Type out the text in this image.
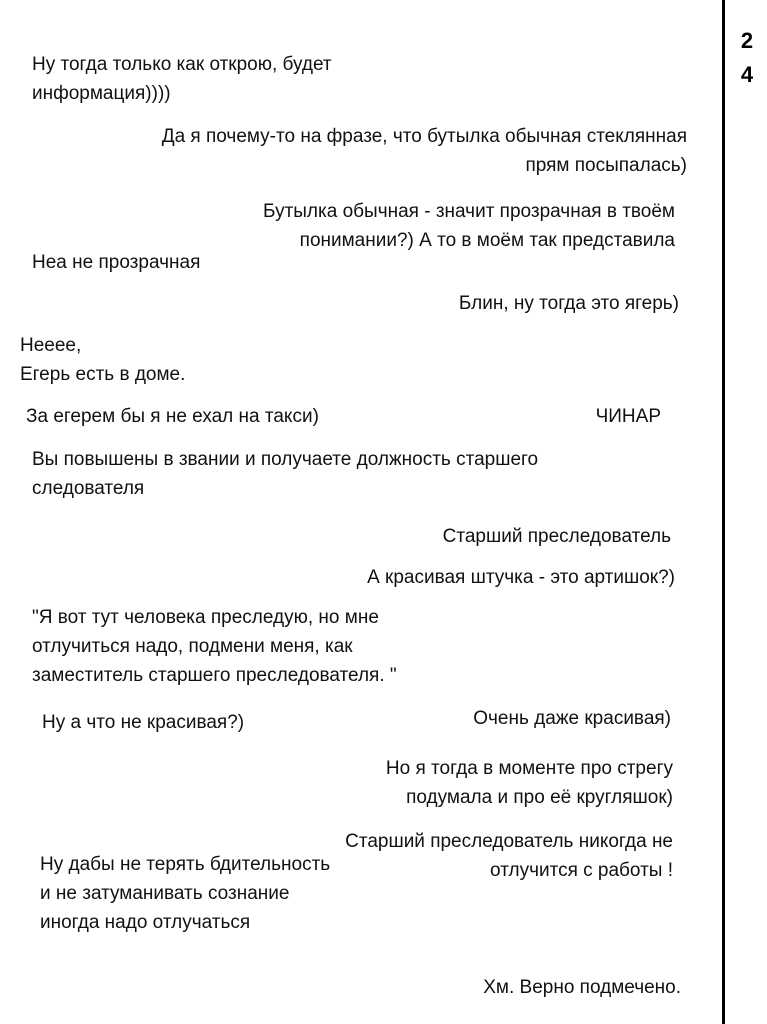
2
4
Ну тогда только как открою, будет
информация))))
Да я почему-то на фразе, что бутылка обычная стеклянная
прям посыпалась)
Бутылка обычная - значит прозрачная в твоём
понимании?) А то в моём так представила
Неа не прозрачная
Блин, ну тогда это ягерь)
Неееe,
Егерь есть в доме.
За егерем бы я не ехал на такси)	ЧИНАР
Вы повышены в звании и получаете должность старшего
следователя
Старший преследователь
А красивая штучка - это артишок?)
"Я вот тут человека преследую, но мне
отлучиться надо, подмени меня, как
заместитель старшего преследователя. "
Ну а что не красивая?)	Очень даже красивая)
Но я тогда в моменте про стрегу
подумала и про её кругляшок)
Старший преследователь никогда не
отлучится с работы !
Ну дабы не терять бдительность
и не затуманивать сознание
иногда надо отлучаться
Хм. Верно подмечено.
